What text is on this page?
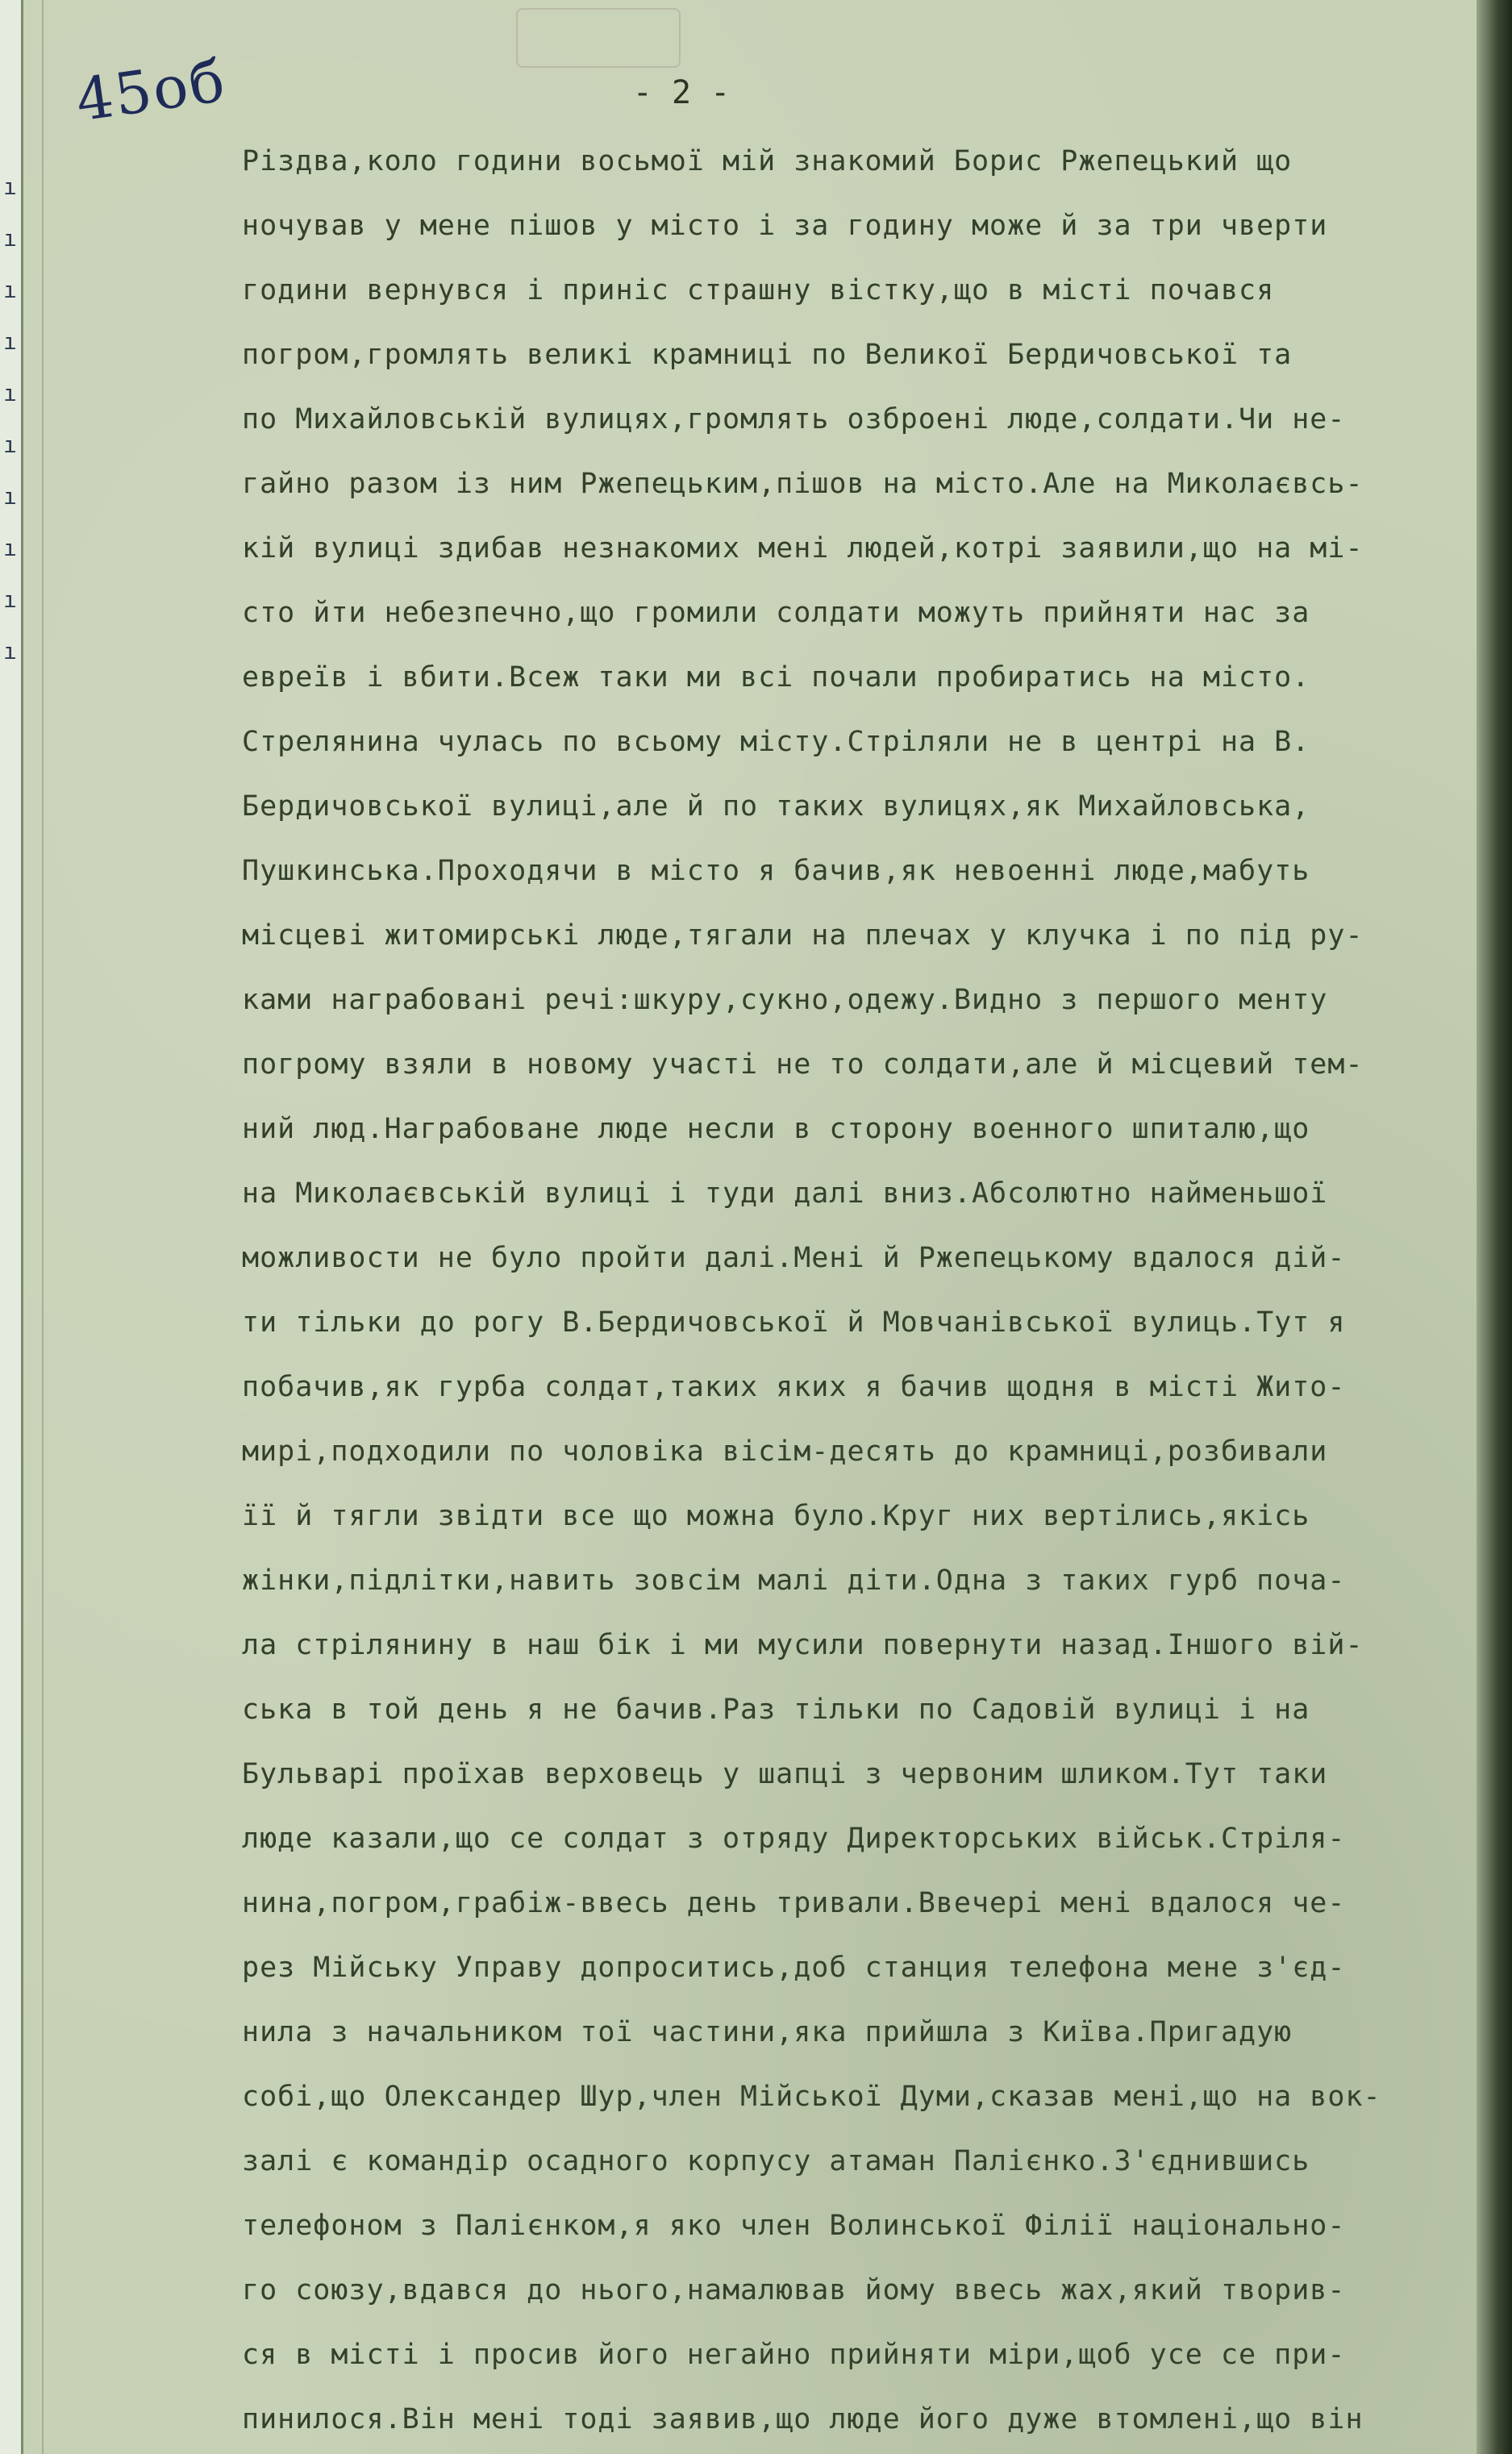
ı
ı
ı
ı
ı
ı
ı
ı
ı
ı
45об	- 2 -
Різдва,коло години восьмої мій знакомий Борис Ржепецький що
ночував у мене пішов у місто і за годину може й за три чверти
години вернувся і приніс страшну вістку,що в місті почався
погром,громлять великі крамниці по Великої Бердичовської та
по Михайловській вулицях,громлять озброені люде,солдати.Чи не-
гайно разом із ним Ржепецьким,пішов на місто.Але на Миколаєвсь-
кій вулиці здибав незнакомих мені людей,котрі заявили,що на мі-
сто йти небезпечно,що громили солдати можуть прийняти нас за
евреїв і вбити.Всеж таки ми всі почали пробиратись на місто.
Стрелянина чулась по всьому місту.Стріляли не в центрі на В.
Бердичовської вулиці,але й по таких вулицях,як Михайловська,
Пушкинська.Проходячи в місто я бачив,як невоенні люде,мабуть
місцеві житомирські люде,тягали на плечах у клучка і по під ру-
ками награбовані речі:шкуру,сукно,одежу.Видно з першого менту
погрому взяли в новому участі не то солдати,але й місцевий тем-
ний люд.Награбоване люде несли в сторону военного шпиталю,що
на Миколаєвській вулиці і туди далі вниз.Абсолютно найменьшої
можливости не було пройти далі.Мені й Ржепецькому вдалося дій-
ти тільки до рогу В.Бердичовської й Мовчанівської вулиць.Тут я
побачив,як гурба солдат,таких яких я бачив щодня в місті Жито-
мирі,подходили по чоловіка вісім-десять до крамниці,розбивали
її й тягли звідти все що можна було.Круг них вертілись,якісь
жінки,підлітки,навить зовсім малі діти.Одна з таких гурб поча-
ла стрілянину в наш бік і ми мусили повернути назад.Іншого вій-
ська в той день я не бачив.Раз тільки по Садовій вулиці і на
Бульварі проїхав верховець у шапці з червоним шликом.Тут таки
люде казали,що се солдат з отряду Директорських військ.Стріля-
нина,погром,грабіж-ввесь день тривали.Ввечері мені вдалося че-
рез Мійську Управу допроситись,доб станция телефона мене з'єд-
нила з начальником тої частини,яка прийшла з Київа.Пригадую
собі,що Олександер Шур,член Мійської Думи,сказав мені,що на вок-
залі є командір осадного корпусу атаман Палієнко.З'єднившись
телефоном з Палієнком,я яко член Волинської Філії національно-
го союзу,вдався до нього,намалював йому ввесь жах,який творив-
ся в місті і просив його негайно прийняти міри,щоб усе се при-
пинилося.Він мені тоді заявив,що люде його дуже втомлені,що він
